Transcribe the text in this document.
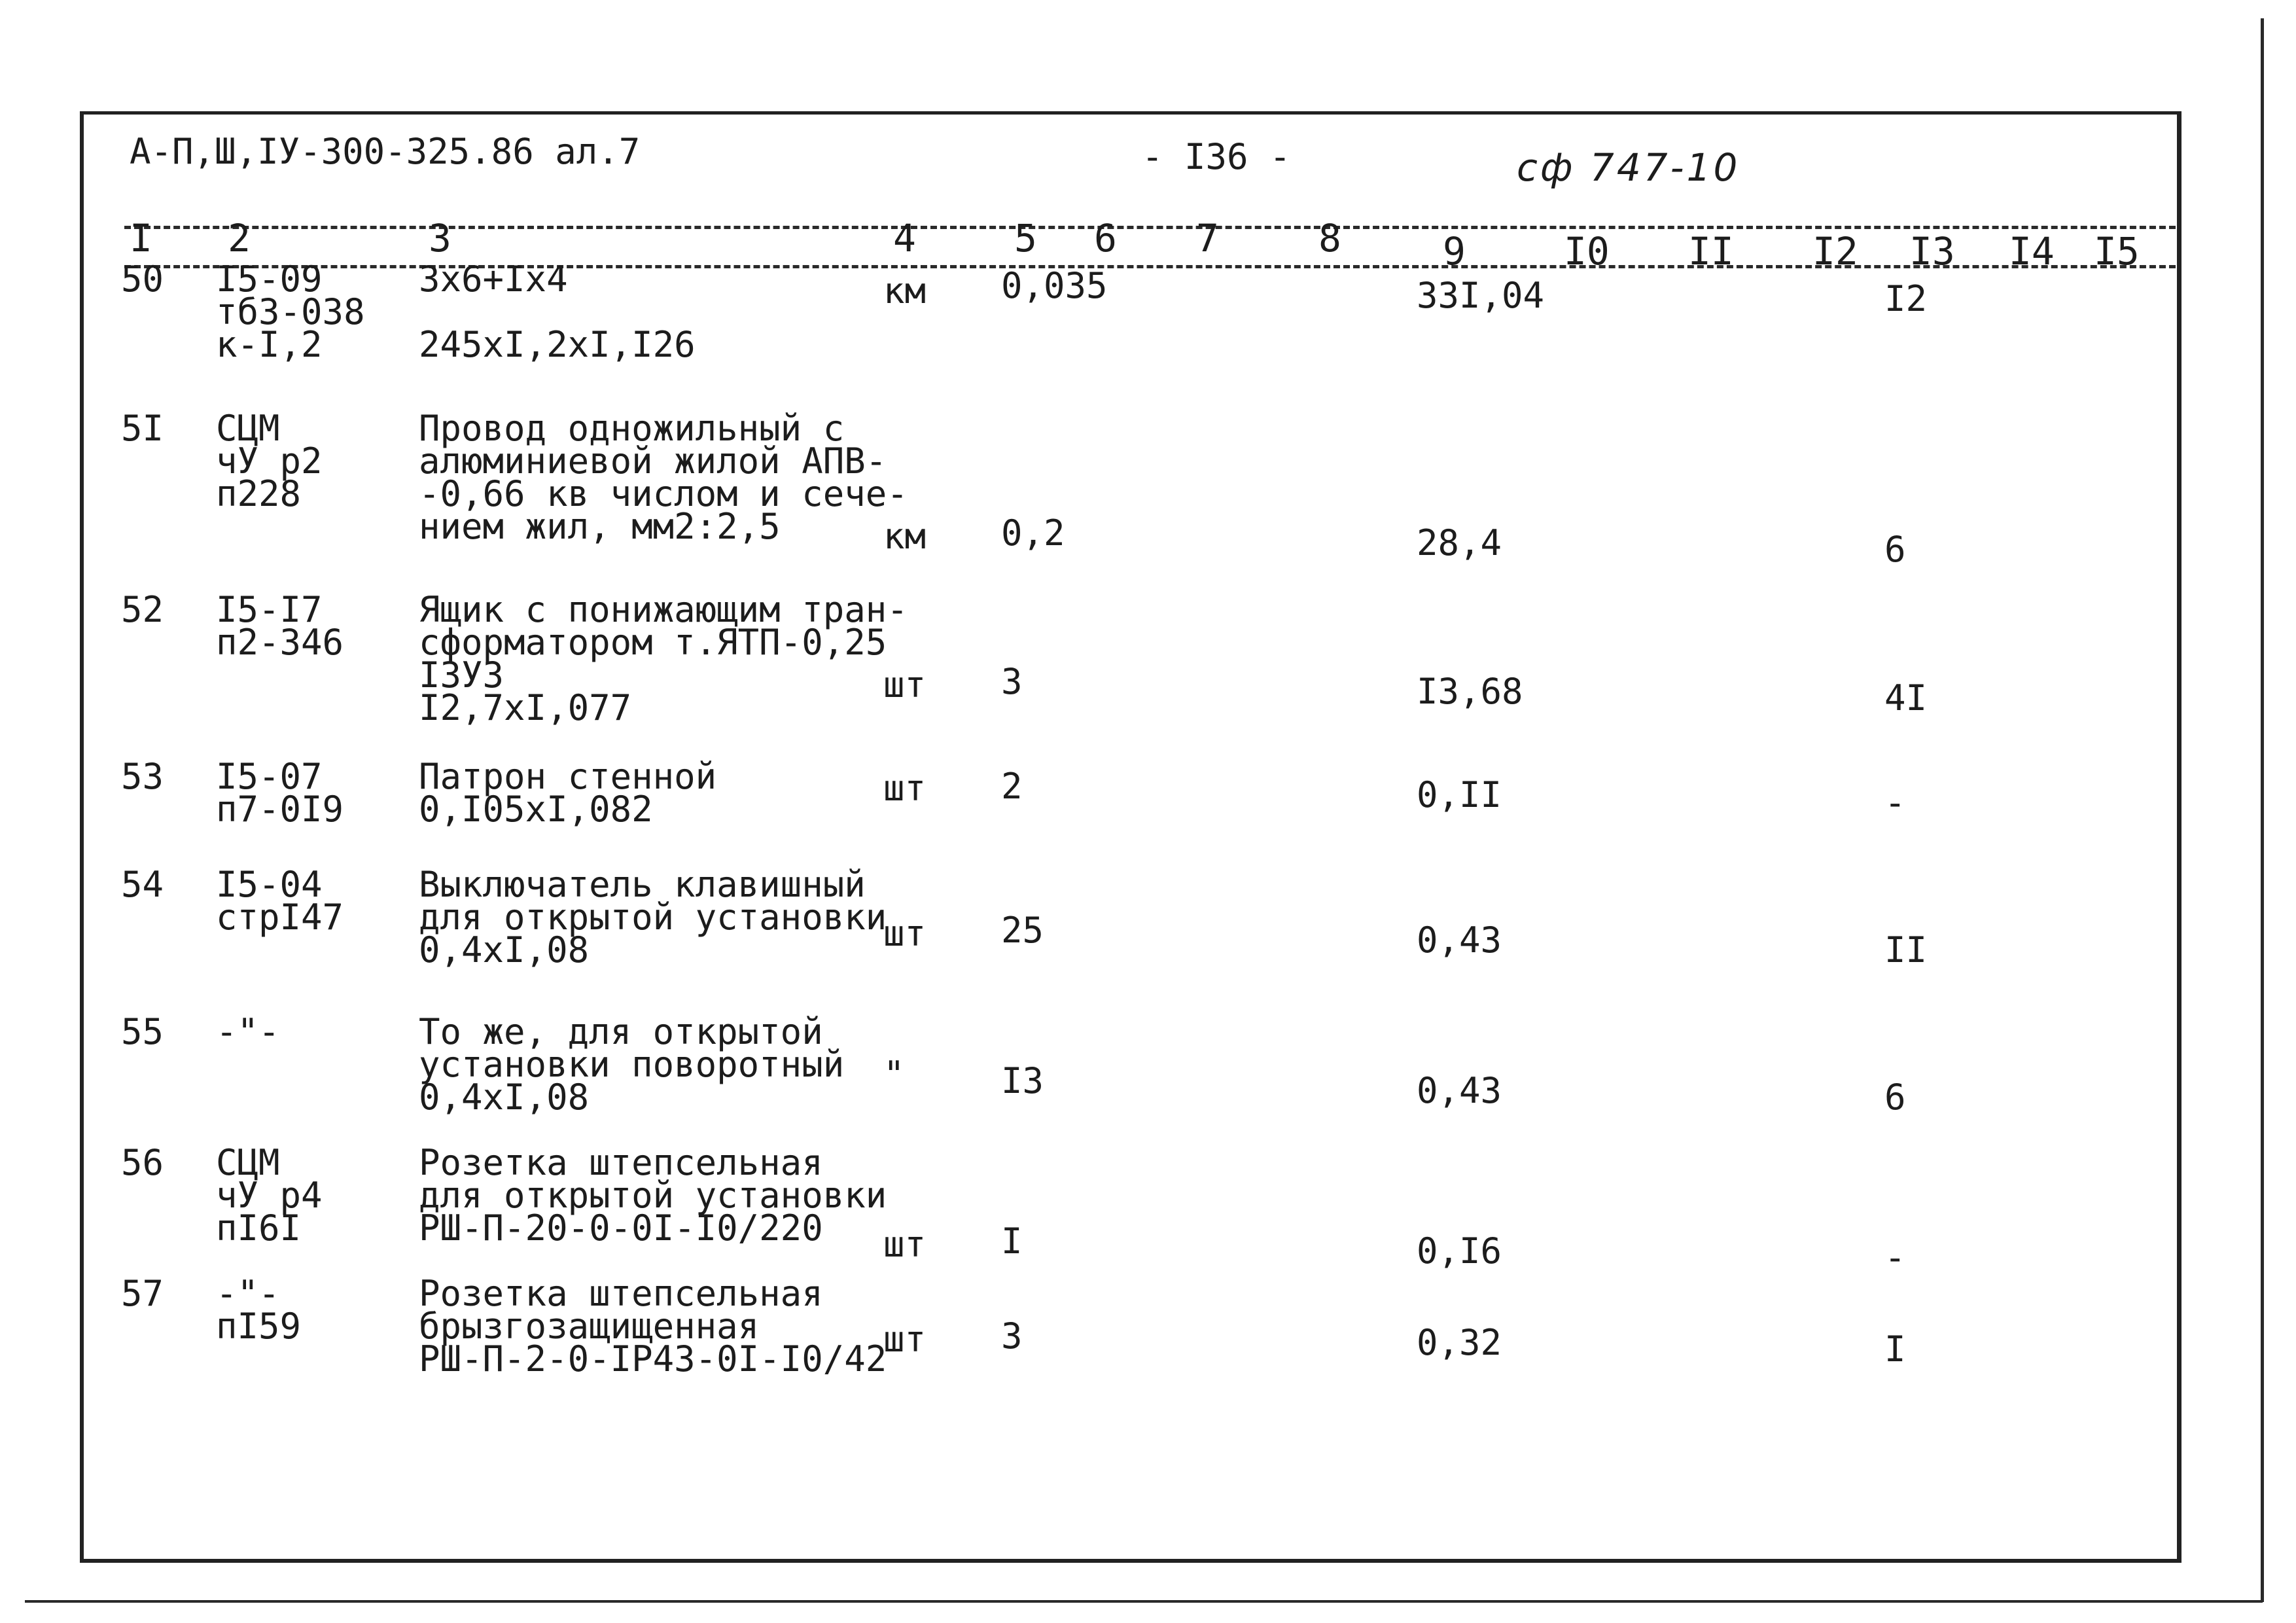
А-П,Ш,IУ-300-325.86 ал.7	- I36 -	сф 747-10
I 2	3	4	5 6 7	8	9	I0 II I2 I3 I4 I5
50 I5-09
тб3-038
к-I,2
3x6+Ix4
245xI,2xI,I26
км 0,035	33I,04	I2
5I СЦМ
чУ р2
п228
Провод одножильный с
алюминиевой жилой АПВ-
-0,66 кв числом и сече-
нием жил, мм2:2,5	км 0,2	28,4	6
52 I5-I7
п2-346
Ящик с понижающим тран-
сформатором т.ЯТП-0,25
I3У3
I2,7xI,077
шт 3	I3,68	4I
53 I5-07
п7-0I9
Патрон стенной
0,I05xI,082
шт 2	0,II	-
54 I5-04
стрI47
Выключатель клавишный
для открытой установки
0,4xI,08	шт 25	0,43	II
55 -"-	То же, для открытой
установки поворотный
0,4xI,08
"	I3	0,43	6
56 СЦМ
чУ р4
пI6I
Розетка штепсельная
для открытой установки
РШ-П-20-0-0I-I0/220 шт I	0,I6	-
57 -"-
пI59
Розетка штепсельная
брызгозащищенная
РШ-П-2-0-IР43-0I-I0/42
шт 3	0,32	I
